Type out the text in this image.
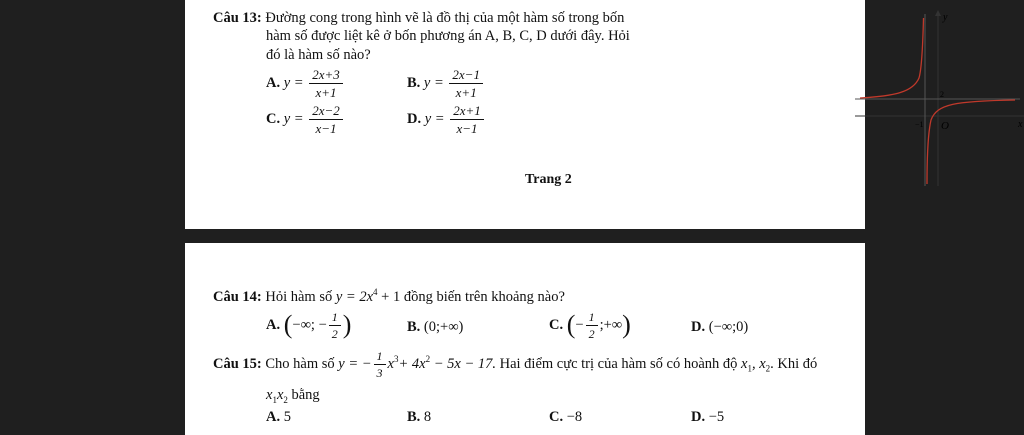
Câu 13: Đường cong trong hình vẽ là đồ thị của một hàm số trong bốn
hàm số được liệt kê ở bốn phương án A, B, C, D dưới đây. Hỏi
đó là hàm số nào?
A. $y = \frac{2x+3}{x+1}$	B. $y = \frac{2x-1}{x+1}$
C. $y = \frac{2x-2}{x-1}$	D. $y = \frac{2x+1}{x-1}$
Trang 2
y
x
O
−1
2
Câu 14: Hỏi hàm số $y = 2x^4 + 1$ đồng biến trên khoảng nào?
A. (−∞; − $\frac{1}{2}$ )	B. (0;+∞)	C. (− $\frac{1}{2}$ ;+∞)	D. (−∞;0)
Câu 15: Cho hàm số y = − $\frac{1}{3} x^3+ 4x^2 - 5x - 17$. Hai điểm cực trị của hàm số có hoành độ $x_1$, $x_2$. Khi đó
$x_1x_2$ bằng
A. 5	B. 8	C. −8	D. −5
